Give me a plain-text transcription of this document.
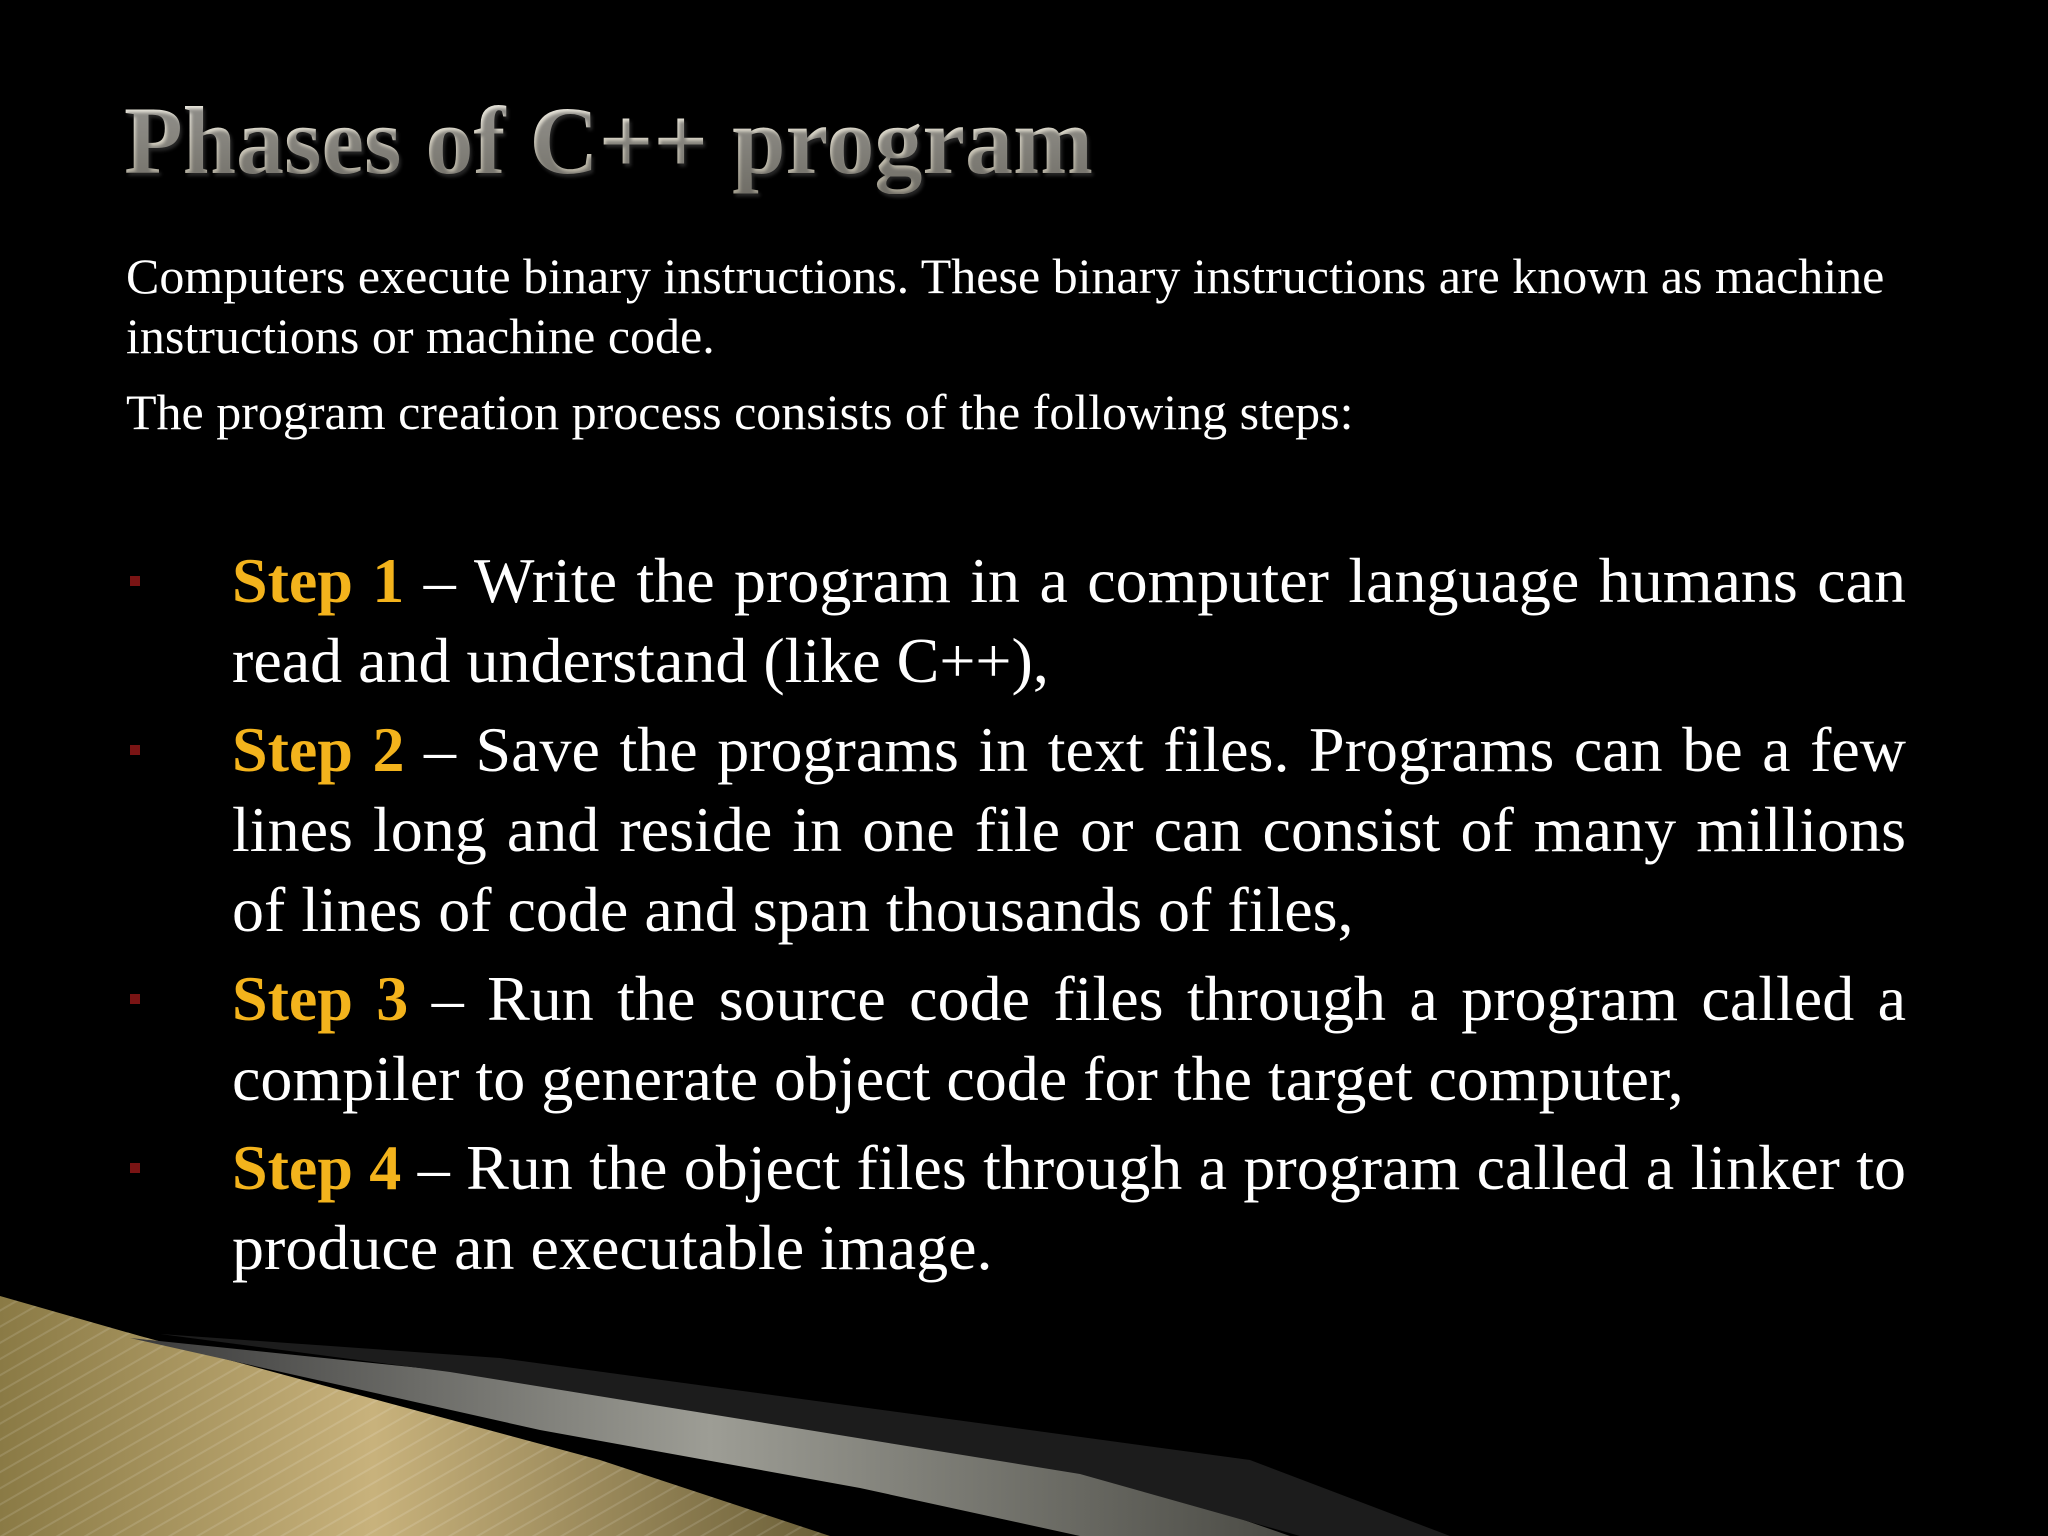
Phases of C++ program

Computers execute binary instructions. These binary instructions are known as machine instructions or machine code.

The program creation process consists of the following steps:

Step 1 – Write the program in a computer language humans can read and understand (like C++),
Step 2 – Save the programs in text files. Programs can be a few lines long and reside in one file or can consist of many millions of lines of code and span thousands of files,
Step 3 – Run the source code files through a program called a compiler to generate object code for the target computer,
Step 4 – Run the object files through a program called a linker to produce an executable image.
